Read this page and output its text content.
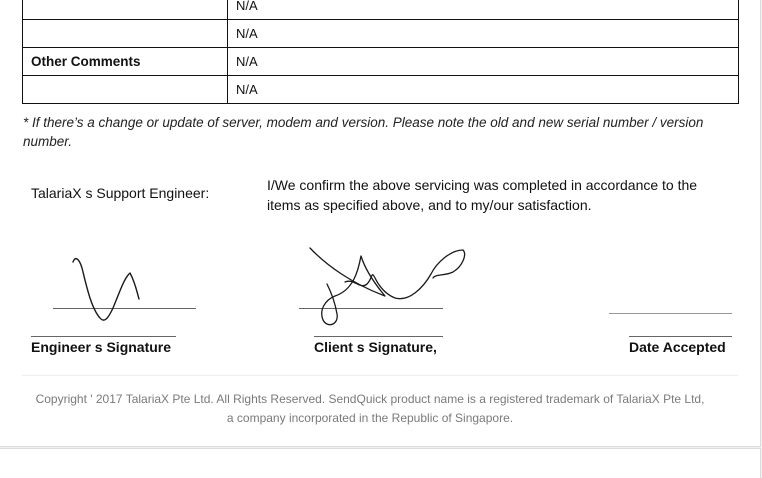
	N/A
	N/A
Other Comments	N/A
	N/A
* If there’s a change or update of server, modem and version. Please note the old and new serial number / version number.
TalariaX s Support Engineer:	I/We confirm the above servicing was completed in accordance to the items as specified above, and to my/our satisfaction.
Engineer s Signature	Client s Signature,	Date Accepted
Copyright ' 2017 TalariaX Pte Ltd. All Rights Reserved. SendQuick product name is a registered trademark of TalariaX Pte Ltd,
a company incorporated in the Republic of Singapore.
